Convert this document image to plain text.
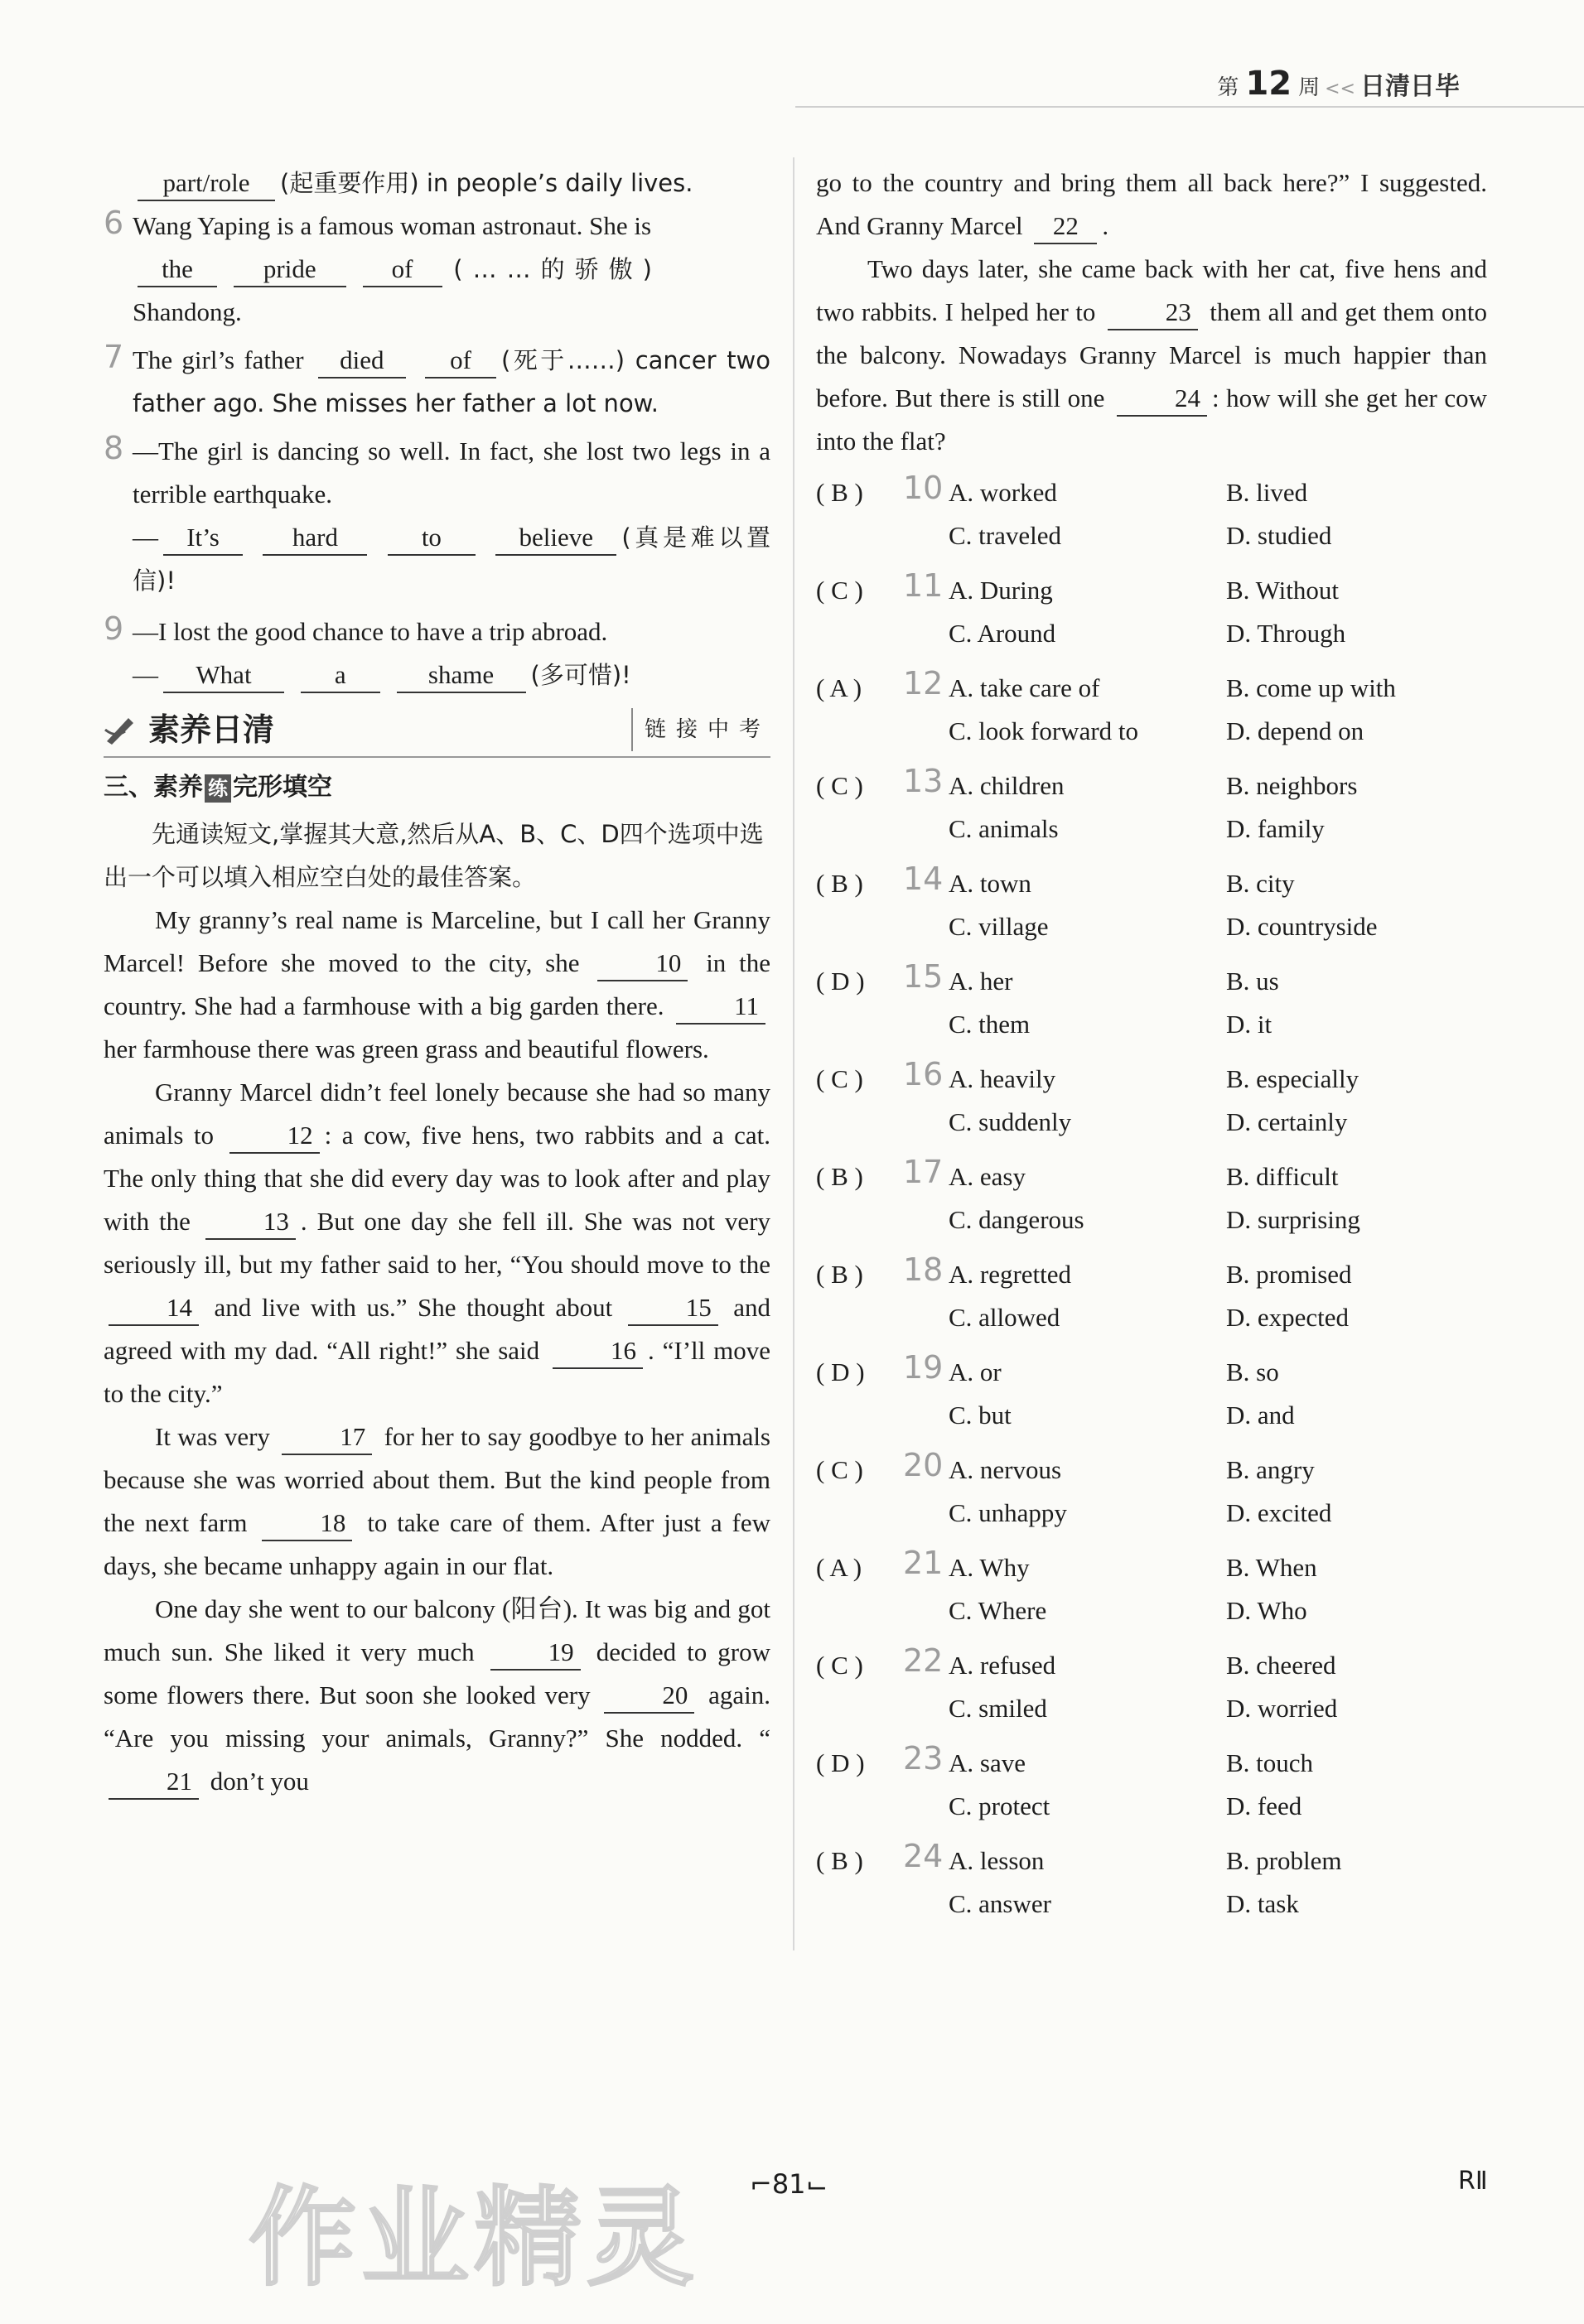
第 12 周 << 日清日毕

part/role (起重要作用) in people’s daily lives.

6 Wang Yaping is a famous woman astronaut. She is
the	pride	of (……的骄傲)
Shandong.

7 The girl’s father died	of (死于……) cancer two father ago. She misses her father a lot now.

8 —The girl is dancing so well. In fact, she lost two legs in a terrible earthquake.
— It’s	hard	to	believe (真是难以置信)!

9 —I lost the good chance to have a trip abroad.
— What	a	shame (多可惜)!

素养日清	链接中考

三、素养 练 完形填空

先通读短文,掌握其大意,然后从A、B、C、D四个选项中选出一个可以填入相应空白处的最佳答案。

My granny’s real name is Marceline, but I call her Granny Marcel! Before she moved to the city, she	10 in the country. She had a farmhouse with a big garden there.	11 her farmhouse there was green grass and beautiful flowers.

Granny Marcel didn’t feel lonely because she had so many animals to	12 : a cow, five hens, two rabbits and a cat. The only thing that she did every day was to look after and play with the	13 . But one day she fell ill. She was not very seriously ill, but my father said to her, “You should move to the 14 and live with us.” She thought about	15 and agreed with my dad. “All right!” she said	16 . “I’ll move to the city.”

It was very	17 for her to say goodbye to her animals because she was worried about them. But the kind people from the next farm	18 to take care of them. After just a few days, she became unhappy again in our flat.

One day she went to our balcony (阳台). It was big and got much sun. She liked it very much	19 decided to grow some flowers there. But soon she looked very	20 again. “Are you missing your animals, Granny?” She nodded. “21 don’t you

go to the country and bring them all back here?” I suggested. And Granny Marcel 22 .

Two days later, she came back with her cat, five hens and two rabbits. I helped her to	23 them all and get them onto the balcony. Nowadays Granny Marcel is much happier than before. But there is still one	24 : how will she get her cow into the flat?

( B ) 10 A. worked	B. lived
C. traveled	D. studied
( C ) 11 A. During	B. Without
C. Around	D. Through
( A ) 12 A. take care of	B. come up with
C. look forward to	D. depend on
( C ) 13 A. children	B. neighbors
C. animals	D. family
( B ) 14 A. town	B. city
C. village	D. countryside
( D ) 15 A. her	B. us
C. them	D. it
( C ) 16 A. heavily	B. especially
C. suddenly	D. certainly
( B ) 17 A. easy	B. difficult
C. dangerous	D. surprising
( B ) 18 A. regretted	B. promised
C. allowed	D. expected
( D ) 19 A. or	B. so
C. but	D. and
( C ) 20 A. nervous	B. angry
C. unhappy	D. excited
( A ) 21 A. Why	B. When
C. Where	D. Who
( C ) 22 A. refused	B. cheered
C. smiled	D. worried
( D ) 23 A. save	B. touch
C. protect	D. feed
( B ) 24 A. lesson	B. problem
C. answer	D. task
作业精灵 ⌐81⌙	RⅡ
